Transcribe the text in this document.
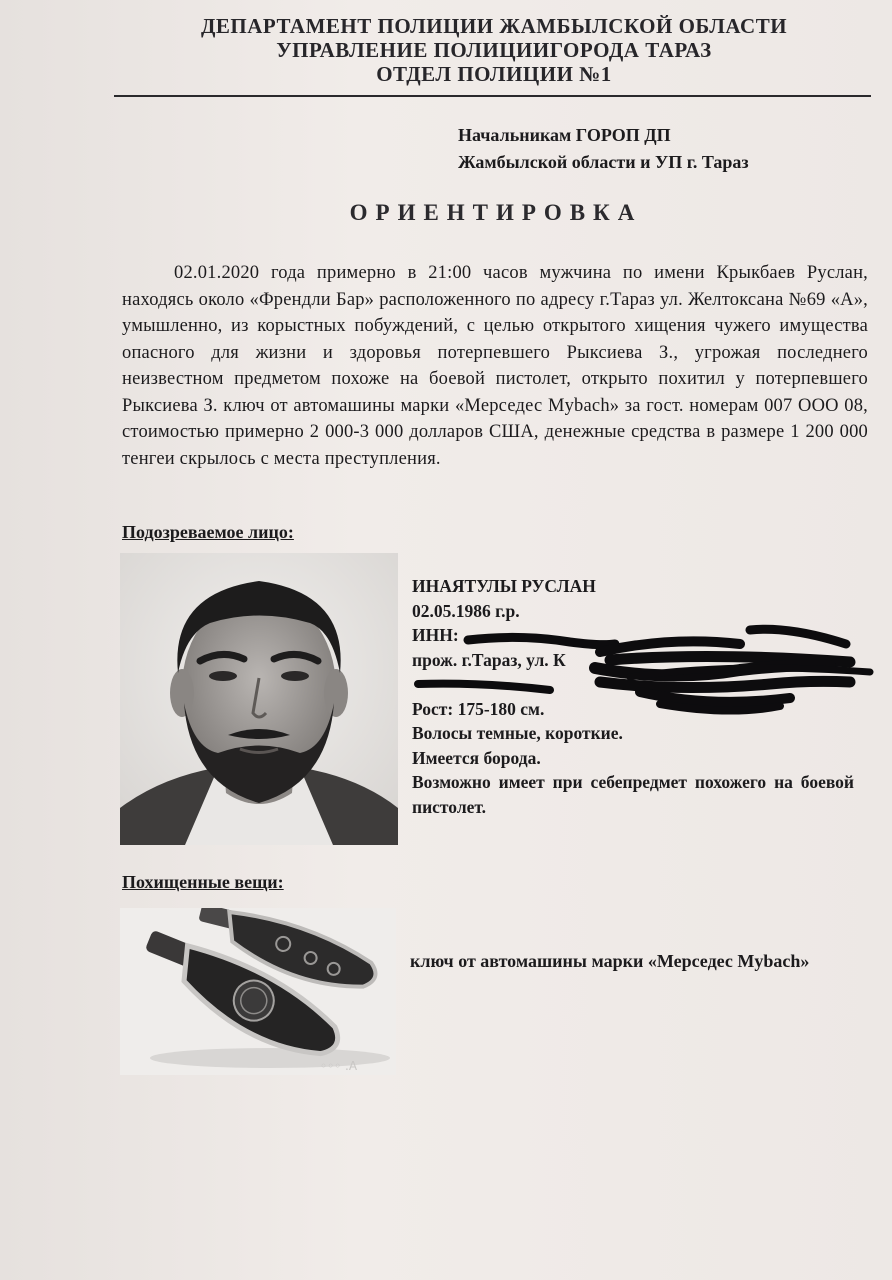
ДЕПАРТАМЕНТ ПОЛИЦИИ ЖАМБЫЛСКОЙ ОБЛАСТИ
УПРАВЛЕНИЕ ПОЛИЦИИГОРОДА ТАРАЗ
ОТДЕЛ ПОЛИЦИИ №1
Начальникам ГОРОП ДП
Жамбылской области и УП г. Тараз
ОРИЕНТИРОВКА
02.01.2020 года примерно в 21:00 часов мужчина по имени Крыкбаев Руслан, находясь около «Френдли Бар» расположенного по адресу г.Тараз ул. Желтоксана №69 «А», умышленно, из корыстных побуждений, с целью открытого хищения чужего имущества опасного для жизни и здоровья потерпевшего Рыксиева З., угрожая последнего неизвестном предметом похоже на боевой пистолет, открыто похитил у потерпевшего Рыксиева З. ключ от автомашины марки «Мерседес Mybach» за гост. номерам 007 OOO 08, стоимостью примерно 2 000-3 000 долларов США, денежные средства в размере 1 200 000 тенгеи скрылось с места преступления.
Подозреваемое лицо:
ИНАЯТУЛЫ РУСЛАН
02.05.1986 г.р.
ИНН:
прож. г.Тараз, ул. К

Рост: 175-180 см.
Волосы темные, короткие.
Имеется борода.
Возможно имеет при себепредмет похожего на боевой пистолет.
Похищенные вещи:
◦◦◦ .A
ключ от автомашины марки «Мерседес Mybach»
